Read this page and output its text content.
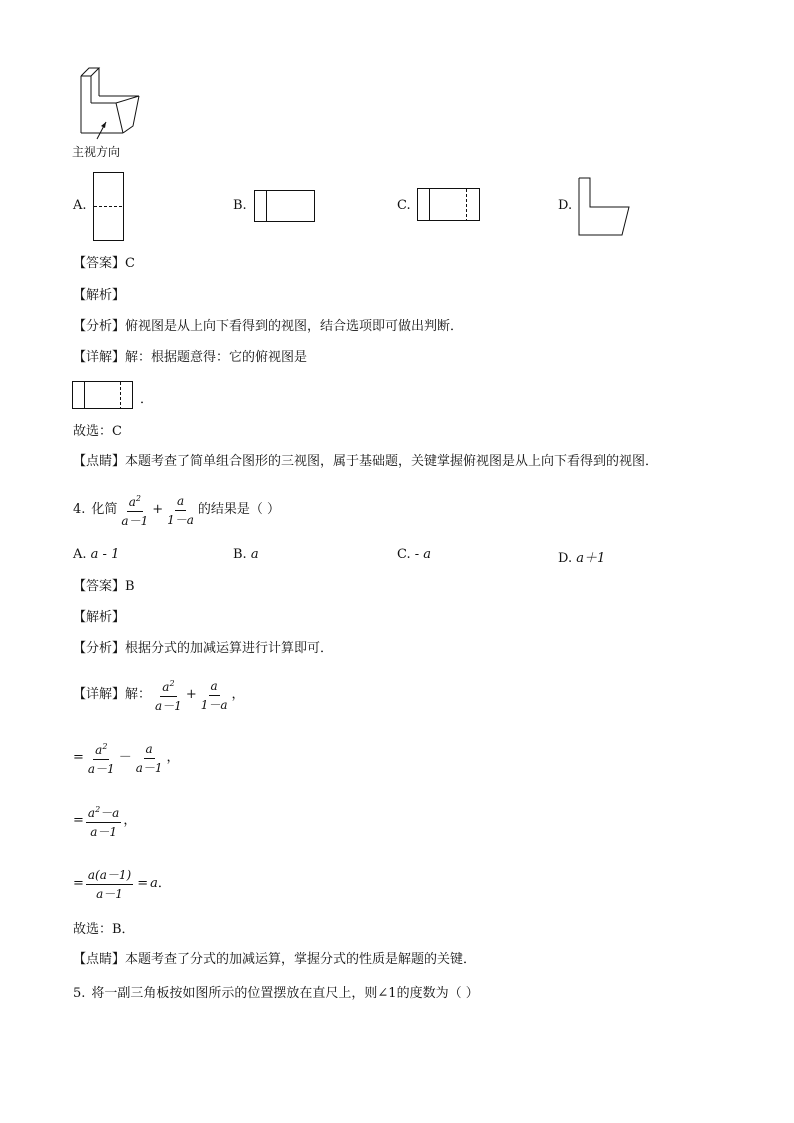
主视方向
A.	B.	C.	D.
【答案】C
【解析】
【分析】俯视图是从上向下看得到的视图，结合选项即可做出判断．
【详解】解：根据题意得：它的俯视图是
．
故选：C
【点睛】本题考查了简单组合图形的三视图，属于基础题，关键掌握俯视图是从上向下看得到的视图．
4. 化简 $\frac{a^2}{a-1} + \frac{a}{1-a}$ 的结果是（ ）
A. a - 1	B. a	C. - a	D. a＋1
【答案】B
【解析】
【分析】根据分式的加减运算进行计算即可．
【详解】 解： $\frac{a^2}{a-1} + \frac{a}{1-a}$ ，
= $\frac{a^2}{a-1} - \frac{a}{a-1}$ ，
= $\frac{a^2-a}{a-1}$ ，
= $\frac{a(a-1)}{a-1} = a$ ．
故选：B．
【点睛】本题考查了分式的加减运算，掌握分式的性质是解题的关键．
5. 将一副三角板按如图所示的位置摆放在直尺上，则∠1的度数为（ ）
